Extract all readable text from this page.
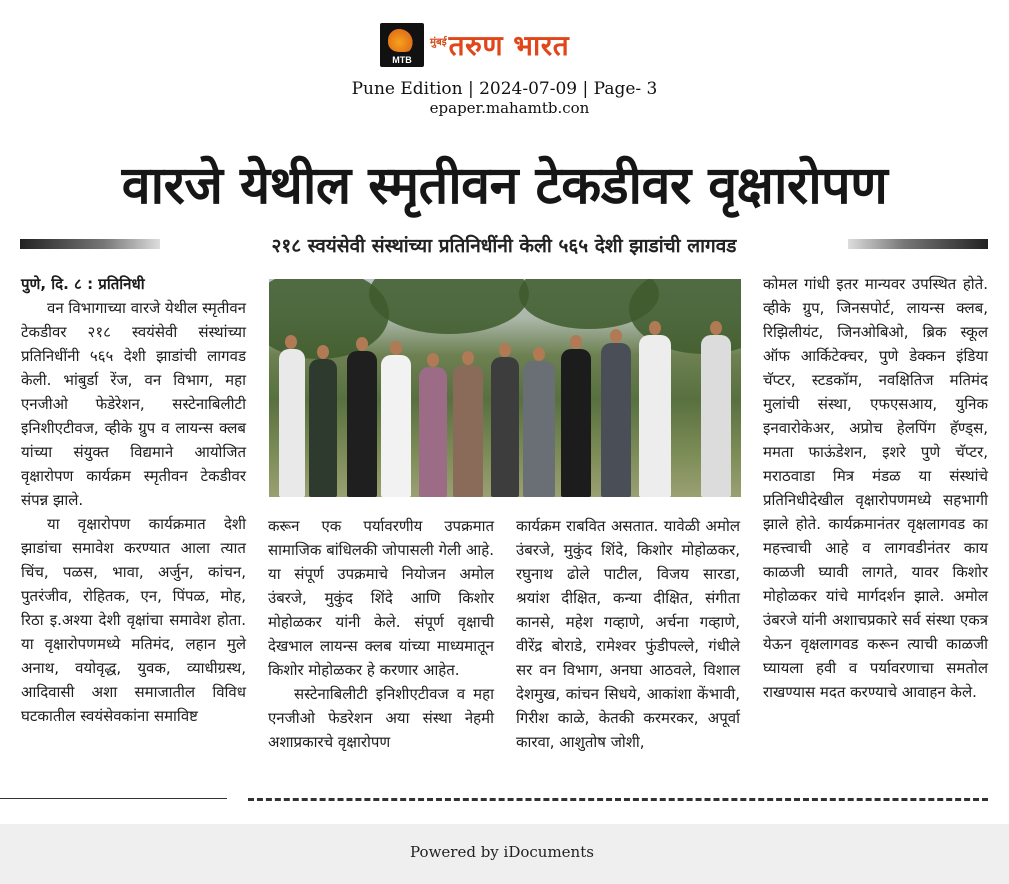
MTB
मुंबई तरुण भारत
Pune Edition | 2024-07-09 | Page- 3
epaper.mahamtb.con
वारजे येथील स्मृतीवन टेकडीवर वृक्षारोपण
२१८ स्वयंसेवी संस्थांच्या प्रतिनिधींनी केली ५६५ देशी झाडांची लागवड

पुणे, दि. ८ : प्रतिनिधी

वन विभागाच्या वारजे येथील स्मृतीवन टेकडीवर २१८ स्वयंसेवी संस्थांच्या प्रतिनिधींनी ५६५ देशी झाडांची लागवड केली. भांबुर्डा रेंज, वन विभाग, महा एनजीओ फेडेरेशन, सस्टेनाबिलीटी इनिशीएटीवज, व्हीके ग्रुप व लायन्स क्लब यांच्या संयुक्त विद्यमाने आयोजित वृक्षारोपण कार्यक्रम स्मृतीवन टेकडीवर संपन्न झाले.

या वृक्षारोपण कार्यक्रमात देशी झाडांचा समावेश करण्यात आला त्यात चिंच, पळस, भावा, अर्जुन, कांचन, पुतरंजीव, रोहितक, एन, पिंपळ, मोह, रिठा इ.अश्या देशी वृक्षांचा समावेश होता. या वृक्षारोपणमध्ये मतिमंद, लहान मुले अनाथ, वयोवृद्ध, युवक, व्याधीग्रस्थ, आदिवासी अशा समाजातील विविध घटकातील स्वयंसेवकांना समाविष्ट

करून एक पर्यावरणीय उपक्रमात सामाजिक बांधिलकी जोपासली गेली आहे. या संपूर्ण उपक्रमाचे नियोजन अमोल उंबरजे, मुकुंद शिंदे आणि किशोर मोहोळकर यांनी केले. संपूर्ण वृक्षाची देखभाल लायन्स क्लब यांच्या माध्यमातून किशोर मोहोळकर हे करणार आहेत.

सस्टेनाबिलीटी इनिशीएटीवज व महा एनजीओ फेडरेशन अया संस्था नेहमी अशाप्रकारचे वृक्षारोपण

कार्यक्रम राबवित असतात. यावेळी अमोल उंबरजे, मुकुंद शिंदे, किशोर मोहोळकर, रघुनाथ ढोले पाटील, विजय सारडा, श्रयांश दीक्षित, कन्या दीक्षित, संगीता कानसे, महेश गव्हाणे, अर्चना गव्हाणे, वीरेंद्र बोराडे, रामेश्वर फुंडीपल्ले, गंधीले सर वन विभाग, अनघा आठवले, विशाल देशमुख, कांचन सिधये, आकांशा केंभावी, गिरीश काळे, केतकी करमरकर, अपूर्वा कारवा, आशुतोष जोशी,

कोमल गांधी इतर मान्यवर उपस्थित होते. व्हीके ग्रुप, जिनसपोर्ट, लायन्स क्लब, रिझिलीयंट, जिनओबिओ, ब्रिक स्कूल ऑफ आर्किटेक्चर, पुणे डेक्कन इंडिया चॅप्टर, स्टडकॉम, नवक्षितिज मतिमंद मुलांची संस्था, एफएसआय, युनिक इनवारोकेअर, अप्रोच हेलपिंग हॅण्ड्स, ममता फाऊंडेशन, इशरे पुणे चॅप्टर, मराठवाडा मित्र मंडळ या संस्थांचे प्रतिनिधीदेखील वृक्षारोपणमध्ये सहभागी झाले होते. कार्यक्रमानंतर वृक्षलागवड का महत्त्वाची आहे व लागवडीनंतर काय काळजी घ्यावी लागते, यावर किशोर मोहोळकर यांचे मार्गदर्शन झाले. अमोल उंबरजे यांनी अशाचप्रकारे सर्व संस्था एकत्र येऊन वृक्षलागवड करून त्याची काळजी घ्यायला हवी व पर्यावरणाचा समतोल राखण्यास मदत करण्याचे आवाहन केले.

Powered by iDocuments
